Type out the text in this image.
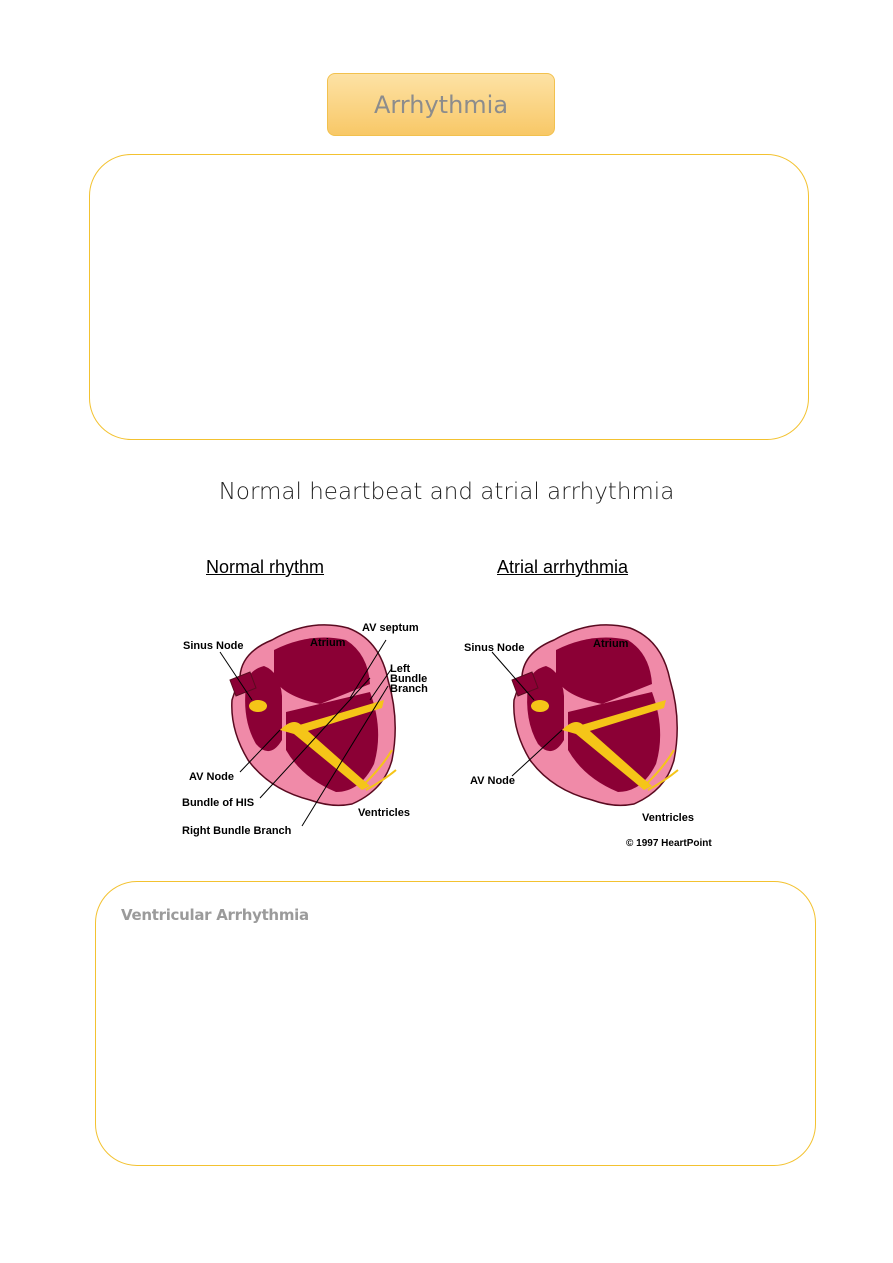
Arrhythmia
Normal heartbeat and atrial arrhythmia
Normal rhythm	Atrial arrhythmia
Sinus Node	Atrium
AV septum
Left
Bundle
Branch
AV Node
Bundle of HIS
Right Bundle Branch
Ventricles
Sinus Node	Atrium
AV Node
Ventricles
© 1997 HeartPoint
Ventricular Arrhythmia
